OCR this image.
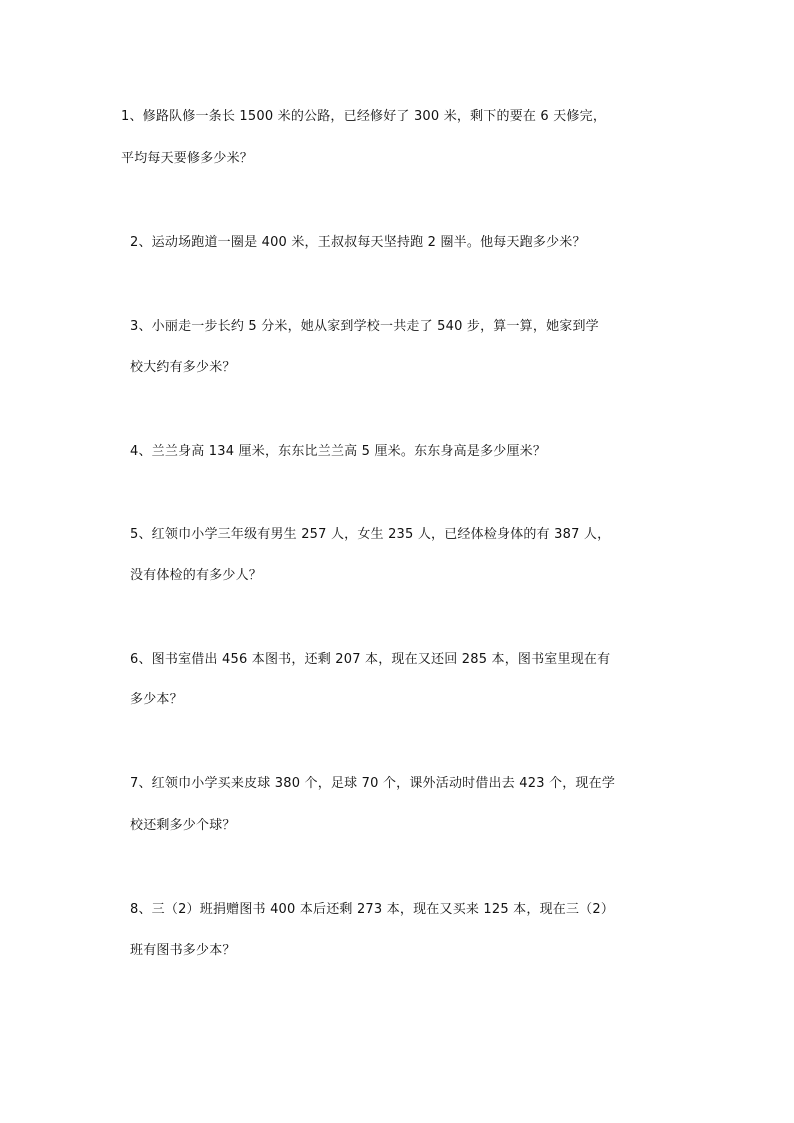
1、修路队修一条长 1500 米的公路，已经修好了 300 米，剩下的要在 6 天修完，
平均每天要修多少米？
2、运动场跑道一圈是 400 米，王叔叔每天坚持跑 2 圈半。他每天跑多少米？
3、小丽走一步长约 5 分米，她从家到学校一共走了 540 步，算一算，她家到学
校大约有多少米？
4、兰兰身高 134 厘米，东东比兰兰高 5 厘米。东东身高是多少厘米？
5、红领巾小学三年级有男生 257 人，女生 235 人，已经体检身体的有 387 人，
没有体检的有多少人？
6、图书室借出 456 本图书，还剩 207 本，现在又还回 285 本，图书室里现在有
多少本？
7、红领巾小学买来皮球 380 个，足球 70 个，课外活动时借出去 423 个，现在学
校还剩多少个球？
8、三（2）班捐赠图书 400 本后还剩 273 本，现在又买来 125 本，现在三（2）
班有图书多少本？
